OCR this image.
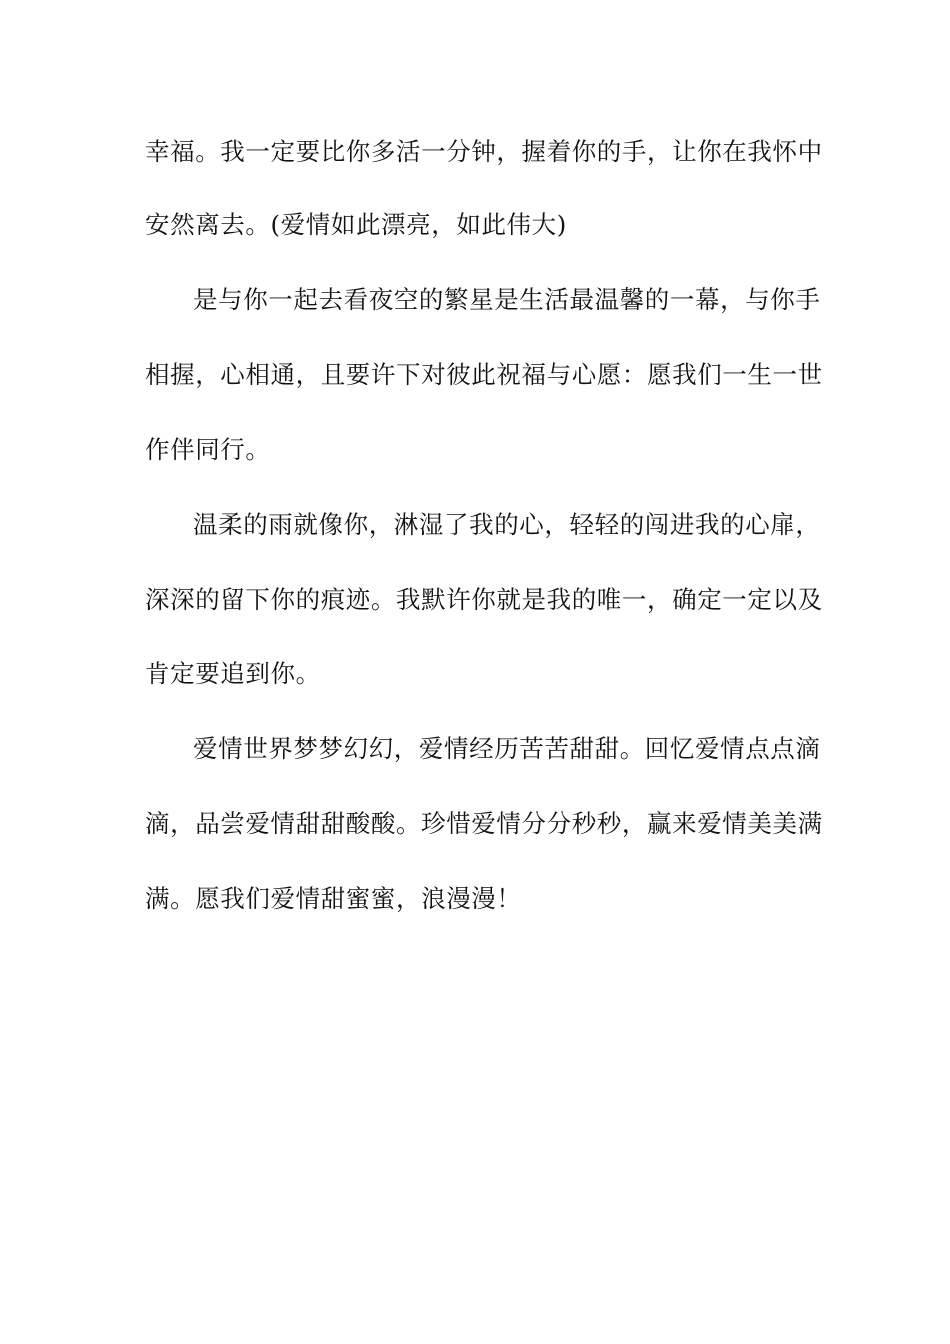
幸福。我一定要比你多活一分钟，握着你的手，让你在我怀中
安然离去。(爱情如此漂亮，如此伟大)
是与你一起去看夜空的繁星是生活最温馨的一幕，与你手
相握，心相通，且要许下对彼此祝福与心愿：愿我们一生一世
作伴同行。
温柔的雨就像你，淋湿了我的心，轻轻的闯进我的心扉，
深深的留下你的痕迹。我默许你就是我的唯一，确定一定以及
肯定要追到你。
爱情世界梦梦幻幻，爱情经历苦苦甜甜。回忆爱情点点滴
滴，品尝爱情甜甜酸酸。珍惜爱情分分秒秒，赢来爱情美美满
满。愿我们爱情甜蜜蜜，浪漫漫！
